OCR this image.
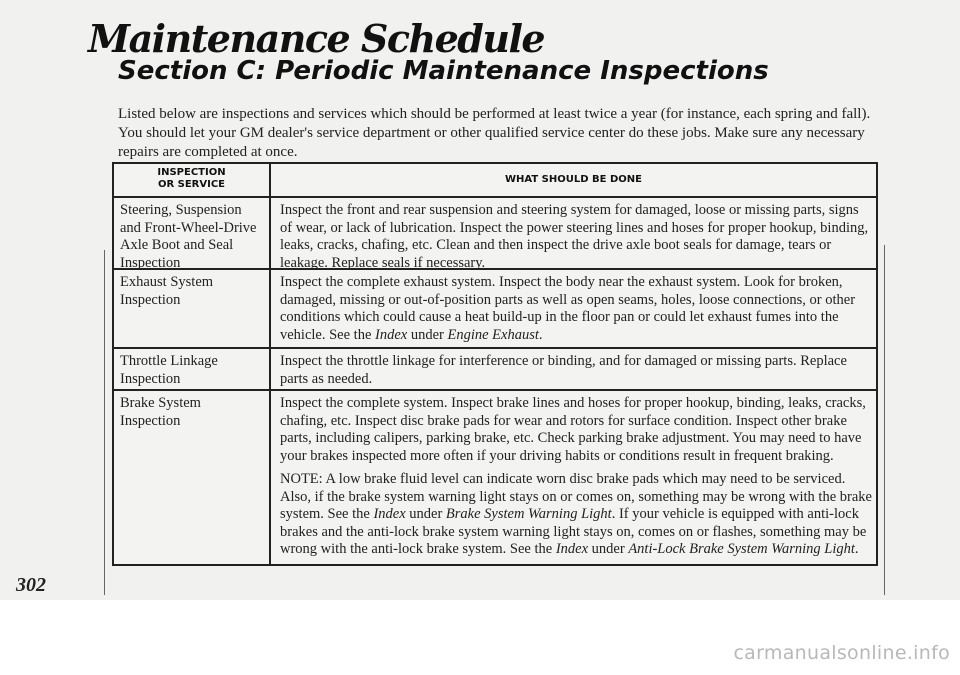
Maintenance Schedule
Section C: Periodic Maintenance Inspections
Listed below are inspections and services which should be performed at least twice a year (for instance, each spring and fall). You should let your GM dealer's service department or other qualified service center do these jobs. Make sure any necessary repairs are completed at once.
INSPECTION
OR SERVICE	WHAT SHOULD BE DONE
Steering, Suspension and Front-Wheel-Drive Axle Boot and Seal Inspection
Inspect the front and rear suspension and steering system for damaged, loose or missing parts, signs of wear, or lack of lubrication. Inspect the power steering lines and hoses for proper hookup, binding, leaks, cracks, chafing, etc. Clean and then inspect the drive axle boot seals for damage, tears or leakage. Replace seals if necessary.
Exhaust System Inspection
Inspect the complete exhaust system. Inspect the body near the exhaust system. Look for broken, damaged, missing or out-of-position parts as well as open seams, holes, loose connections, or other conditions which could cause a heat build-up in the floor pan or could let exhaust fumes into the vehicle. See the Index under Engine Exhaust.
Throttle Linkage Inspection
Inspect the throttle linkage for interference or binding, and for damaged or missing parts. Replace parts as needed.
Brake System Inspection

Inspect the complete system. Inspect brake lines and hoses for proper hookup, binding, leaks, cracks, chafing, etc. Inspect disc brake pads for wear and rotors for surface condition. Inspect other brake parts, including calipers, parking brake, etc. Check parking brake adjustment. You may need to have your brakes inspected more often if your driving habits or conditions result in frequent braking.

NOTE: A low brake fluid level can indicate worn disc brake pads which may need to be serviced. Also, if the brake system warning light stays on or comes on, something may be wrong with the brake system. See the Index under Brake System Warning Light. If your vehicle is equipped with anti-lock brakes and the anti-lock brake system warning light stays on, comes on or flashes, something may be wrong with the anti-lock brake system. See the Index under Anti-Lock Brake System Warning Light.

302
carmanualsonline.info
